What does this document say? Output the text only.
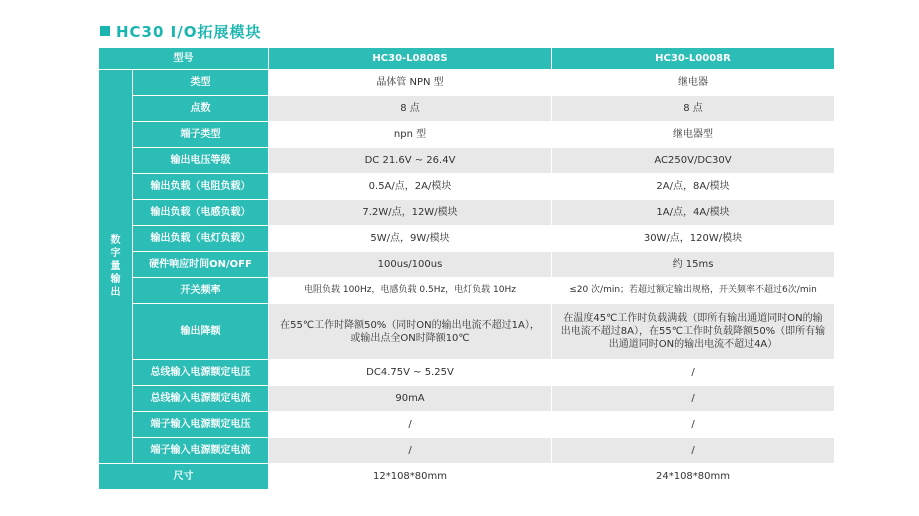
HC30 I/O拓展模块
型号		HC30-L0808S	HC30-L0008R

数
字
量
输
出	类型	晶体管 NPN 型	继电器
	点数	8 点	8 点
	端子类型	npn 型	继电器型
	输出电压等级	DC 21.6V ~ 26.4V	AC250V/DC30V
	输出负载（电阻负载）	0.5A/点，2A/模块	2A/点，8A/模块
	输出负载（电感负载）	7.2W/点，12W/模块	1A/点，4A/模块
	输出负载（电灯负载）	5W/点，9W/模块	30W/点，120W/模块
	硬件响应时间ON/OFF	100us/100us	约 15ms
	开关频率	电阻负载 100Hz，电感负载 0.5Hz，电灯负载 10Hz	≤20 次/min；若超过额定输出规格，开关频率不超过6次/min
	输出降额	在55℃工作时降额50%（同时ON的输出电流不超过1A），或输出点全ON时降额10℃	在温度45℃工作时负载满载（即所有输出通道同时ON的输出电流不超过8A），在55℃工作时负载降额50%（即所有输出通道同时ON的输出电流不超过4A）
	总线输入电源额定电压	DC4.75V ~ 5.25V	/
	总线输入电源额定电流	90mA	/
	端子输入电源额定电压	/	/
	端子输入电源额定电流	/	/
尺寸		12*108*80mm	24*108*80mm
